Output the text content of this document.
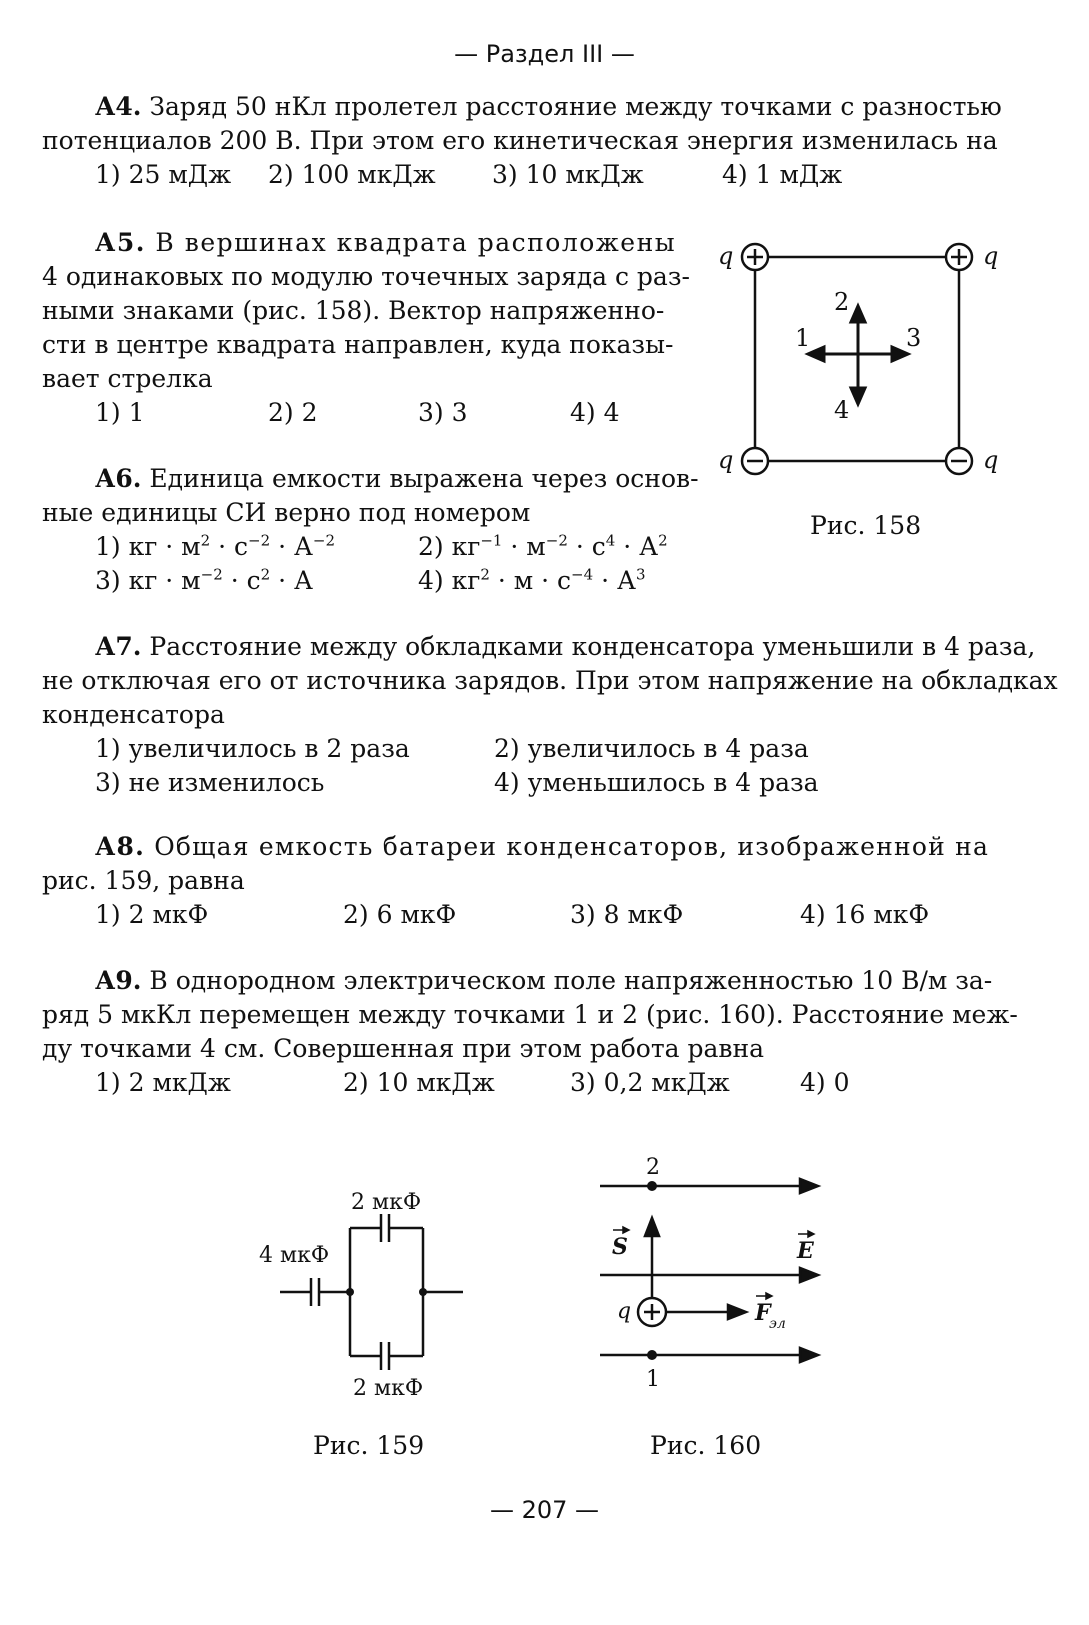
— Раздел III —
А4. Заряд 50 нКл пролетел расстояние между точками с разностью
потенциалов 200 В. При этом его кинетическая энергия изменилась на
1) 25 мДж 2) 100 мкДж 3) 10 мкДж	4) 1 мДж
А5. В вершинах квадрата расположены
4 одинаковых по модулю точечных заряда с раз-
ными знаками (рис. 158). Вектор напряженно-
сти в центре квадрата направлен, куда показы-
вает стрелка
1) 1	2) 2	3) 3	4) 4
А6. Единица емкости выражена через основ-
ные единицы СИ верно под номером
1) кг · $м^2 \cdot с^{-2} \cdot А^{-2}$	2) $кг^{-1} \cdot м^{-2} \cdot с^4 \cdot А^2$
3) кг · $м^{-2} \cdot с^2 \cdot А$	4) $кг^2 \cdot м \cdot с^{-4} \cdot А^3$
q	q
q	q
1
2
3
4
Рис. 158
А7. Расстояние между обкладками конденсатора уменьшили в 4 раза,
не отключая его от источника зарядов. При этом напряжение на обкладках
конденсатора
1) увеличилось в 2 раза	2) увеличилось в 4 раза
3) не изменилось	4) уменьшилось в 4 раза
А8. Общая емкость батареи конденсаторов, изображенной на
рис. 159, равна
1) 2 мкФ	2) 6 мкФ	3) 8 мкФ	4) 16 мкФ
А9. В однородном электрическом поле напряженностью 10 В/м за-
ряд 5 мкКл перемещен между точками 1 и 2 (рис. 160). Расстояние меж-
ду точками 4 см. Совершенная при этом работа равна
1) 2 мкДж	2) 10 мкДж	3) 0,2 мкДж	4) 0
4 мкФ
2 мкФ
2 мкФ
Рис. 159
2
1
q
S	E
F
эл
Рис. 160
— 207 —
